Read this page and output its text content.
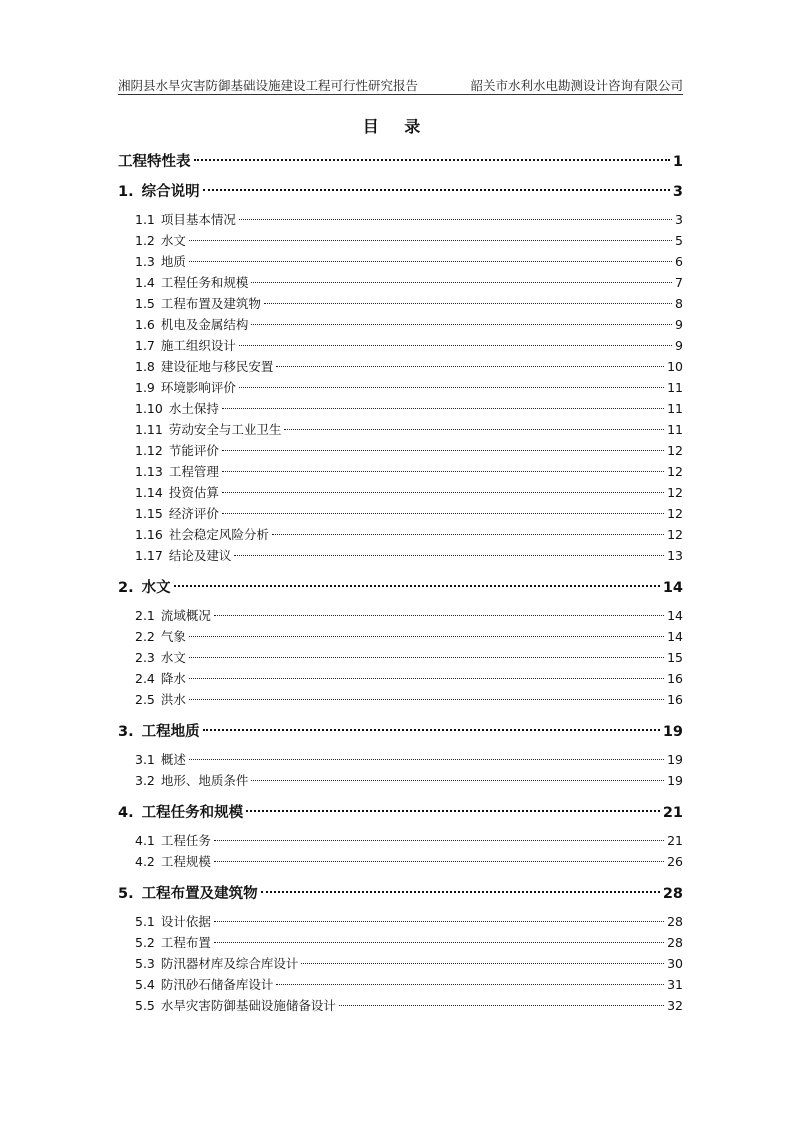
湘阴县水旱灾害防御基础设施建设工程可行性研究报告	韶关市水利水电勘测设计咨询有限公司
目 录
工程特性表	1
1. 综合说明	3
1.1 项目基本情况	3
1.2 水文	5
1.3 地质	6
1.4 工程任务和规模	7
1.5 工程布置及建筑物	8
1.6 机电及金属结构	9
1.7 施工组织设计	9
1.8 建设征地与移民安置	10
1.9 环境影响评价	11
1.10 水土保持	11
1.11 劳动安全与工业卫生	11
1.12 节能评价	12
1.13 工程管理	12
1.14 投资估算	12
1.15 经济评价	12
1.16 社会稳定风险分析	12
1.17 结论及建议	13
2. 水文	14
2.1 流域概况	14
2.2 气象	14
2.3 水文	15
2.4 降水	16
2.5 洪水	16
3. 工程地质	19
3.1 概述	19
3.2 地形、地质条件	19
4. 工程任务和规模	21
4.1 工程任务	21
4.2 工程规模	26
5. 工程布置及建筑物	28
5.1 设计依据	28
5.2 工程布置	28
5.3 防汛器材库及综合库设计	30
5.4 防汛砂石储备库设计	31
5.5 水旱灾害防御基础设施储备设计	32
